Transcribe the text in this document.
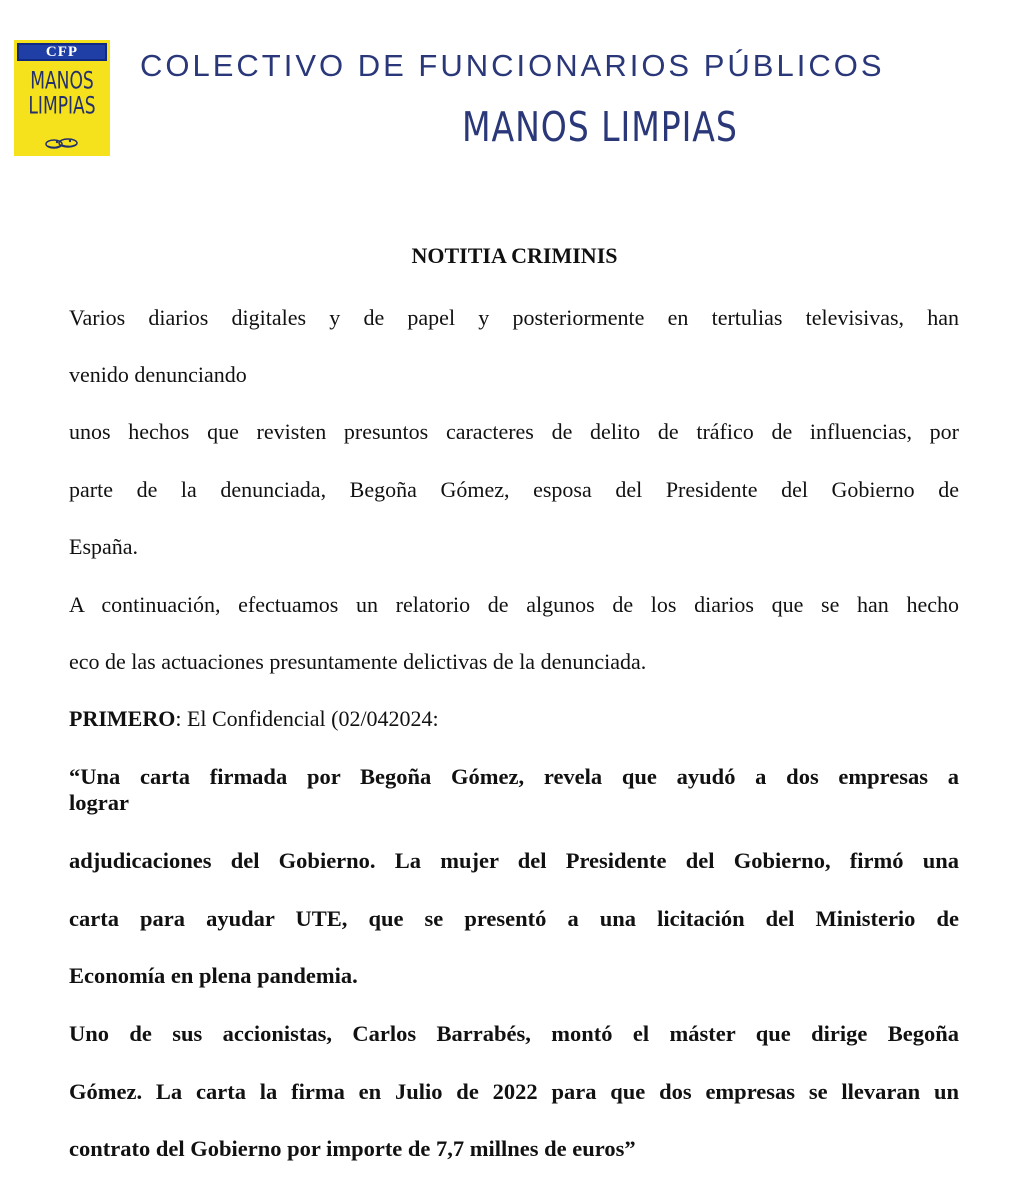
CFP
MANOS
LIMPIAS
COLECTIVO DE FUNCIONARIOS PÚBLICOS
MANOS LIMPIAS
NOTITIA CRIMINIS
Varios diarios digitales y de papel y posteriormente en tertulias televisivas, han
venido denunciando
unos hechos que revisten presuntos caracteres de delito de tráfico de influencias, por
parte de la denunciada, Begoña Gómez, esposa del Presidente del Gobierno de
España.
A continuación, efectuamos un relatorio de algunos de los diarios que se han hecho
eco de las actuaciones presuntamente delictivas de la denunciada.
PRIMERO: El Confidencial (02/042024:
“Una carta firmada por Begoña Gómez, revela que ayudó a dos empresas a
lograr
adjudicaciones del Gobierno. La mujer del Presidente del Gobierno, firmó una
carta para ayudar UTE, que se presentó a una licitación del Ministerio de
Economía en plena pandemia.
Uno de sus accionistas, Carlos Barrabés, montó el máster que dirige Begoña
Gómez. La carta la firma en Julio de 2022 para que dos empresas se llevaran un
contrato del Gobierno por importe de 7,7 millnes de euros”
